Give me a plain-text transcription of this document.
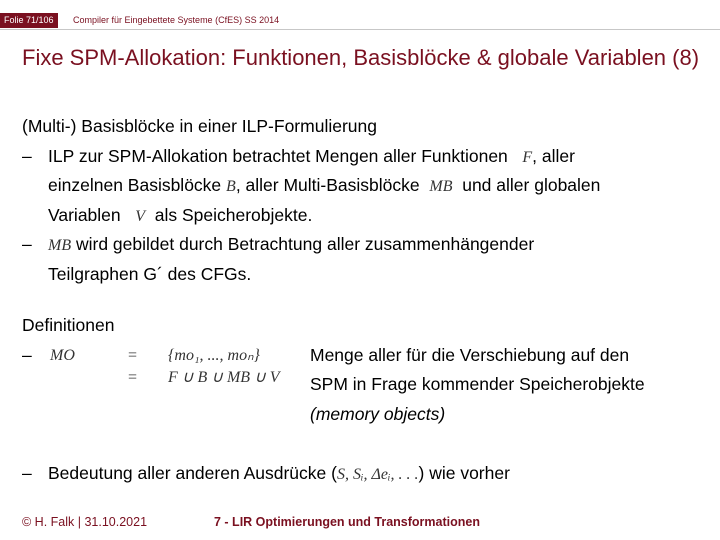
Folie 71/106	Compiler für Eingebettete Systeme (CfES) SS 2014
Fixe SPM-Allokation: Funktionen, Basisblöcke & globale Variablen (8)
(Multi-) Basisblöcke in einer ILP-Formulierung
– ILP zur SPM-Allokation betrachtet Mengen aller Funktionen F, aller
einzelnen Basisblöcke B, aller Multi-Basisblöcke MB und aller globalen
Variablen V als Speicherobjekte.
– MB wird gebildet durch Betrachtung aller zusammenhängender
Teilgraphen G´ des CFGs.
Definitionen
– MO	= {mo₁, ..., moₙ}
= F ∪ B ∪ MB ∪ V
Menge aller für die Verschiebung auf den
SPM in Frage kommender Speicherobjekte
(memory objects)
– Bedeutung aller anderen Ausdrücke (S, Sᵢ, Δeᵢ, . . .) wie vorher
© H. Falk | 31.10.2021	7 - LIR Optimierungen und Transformationen
